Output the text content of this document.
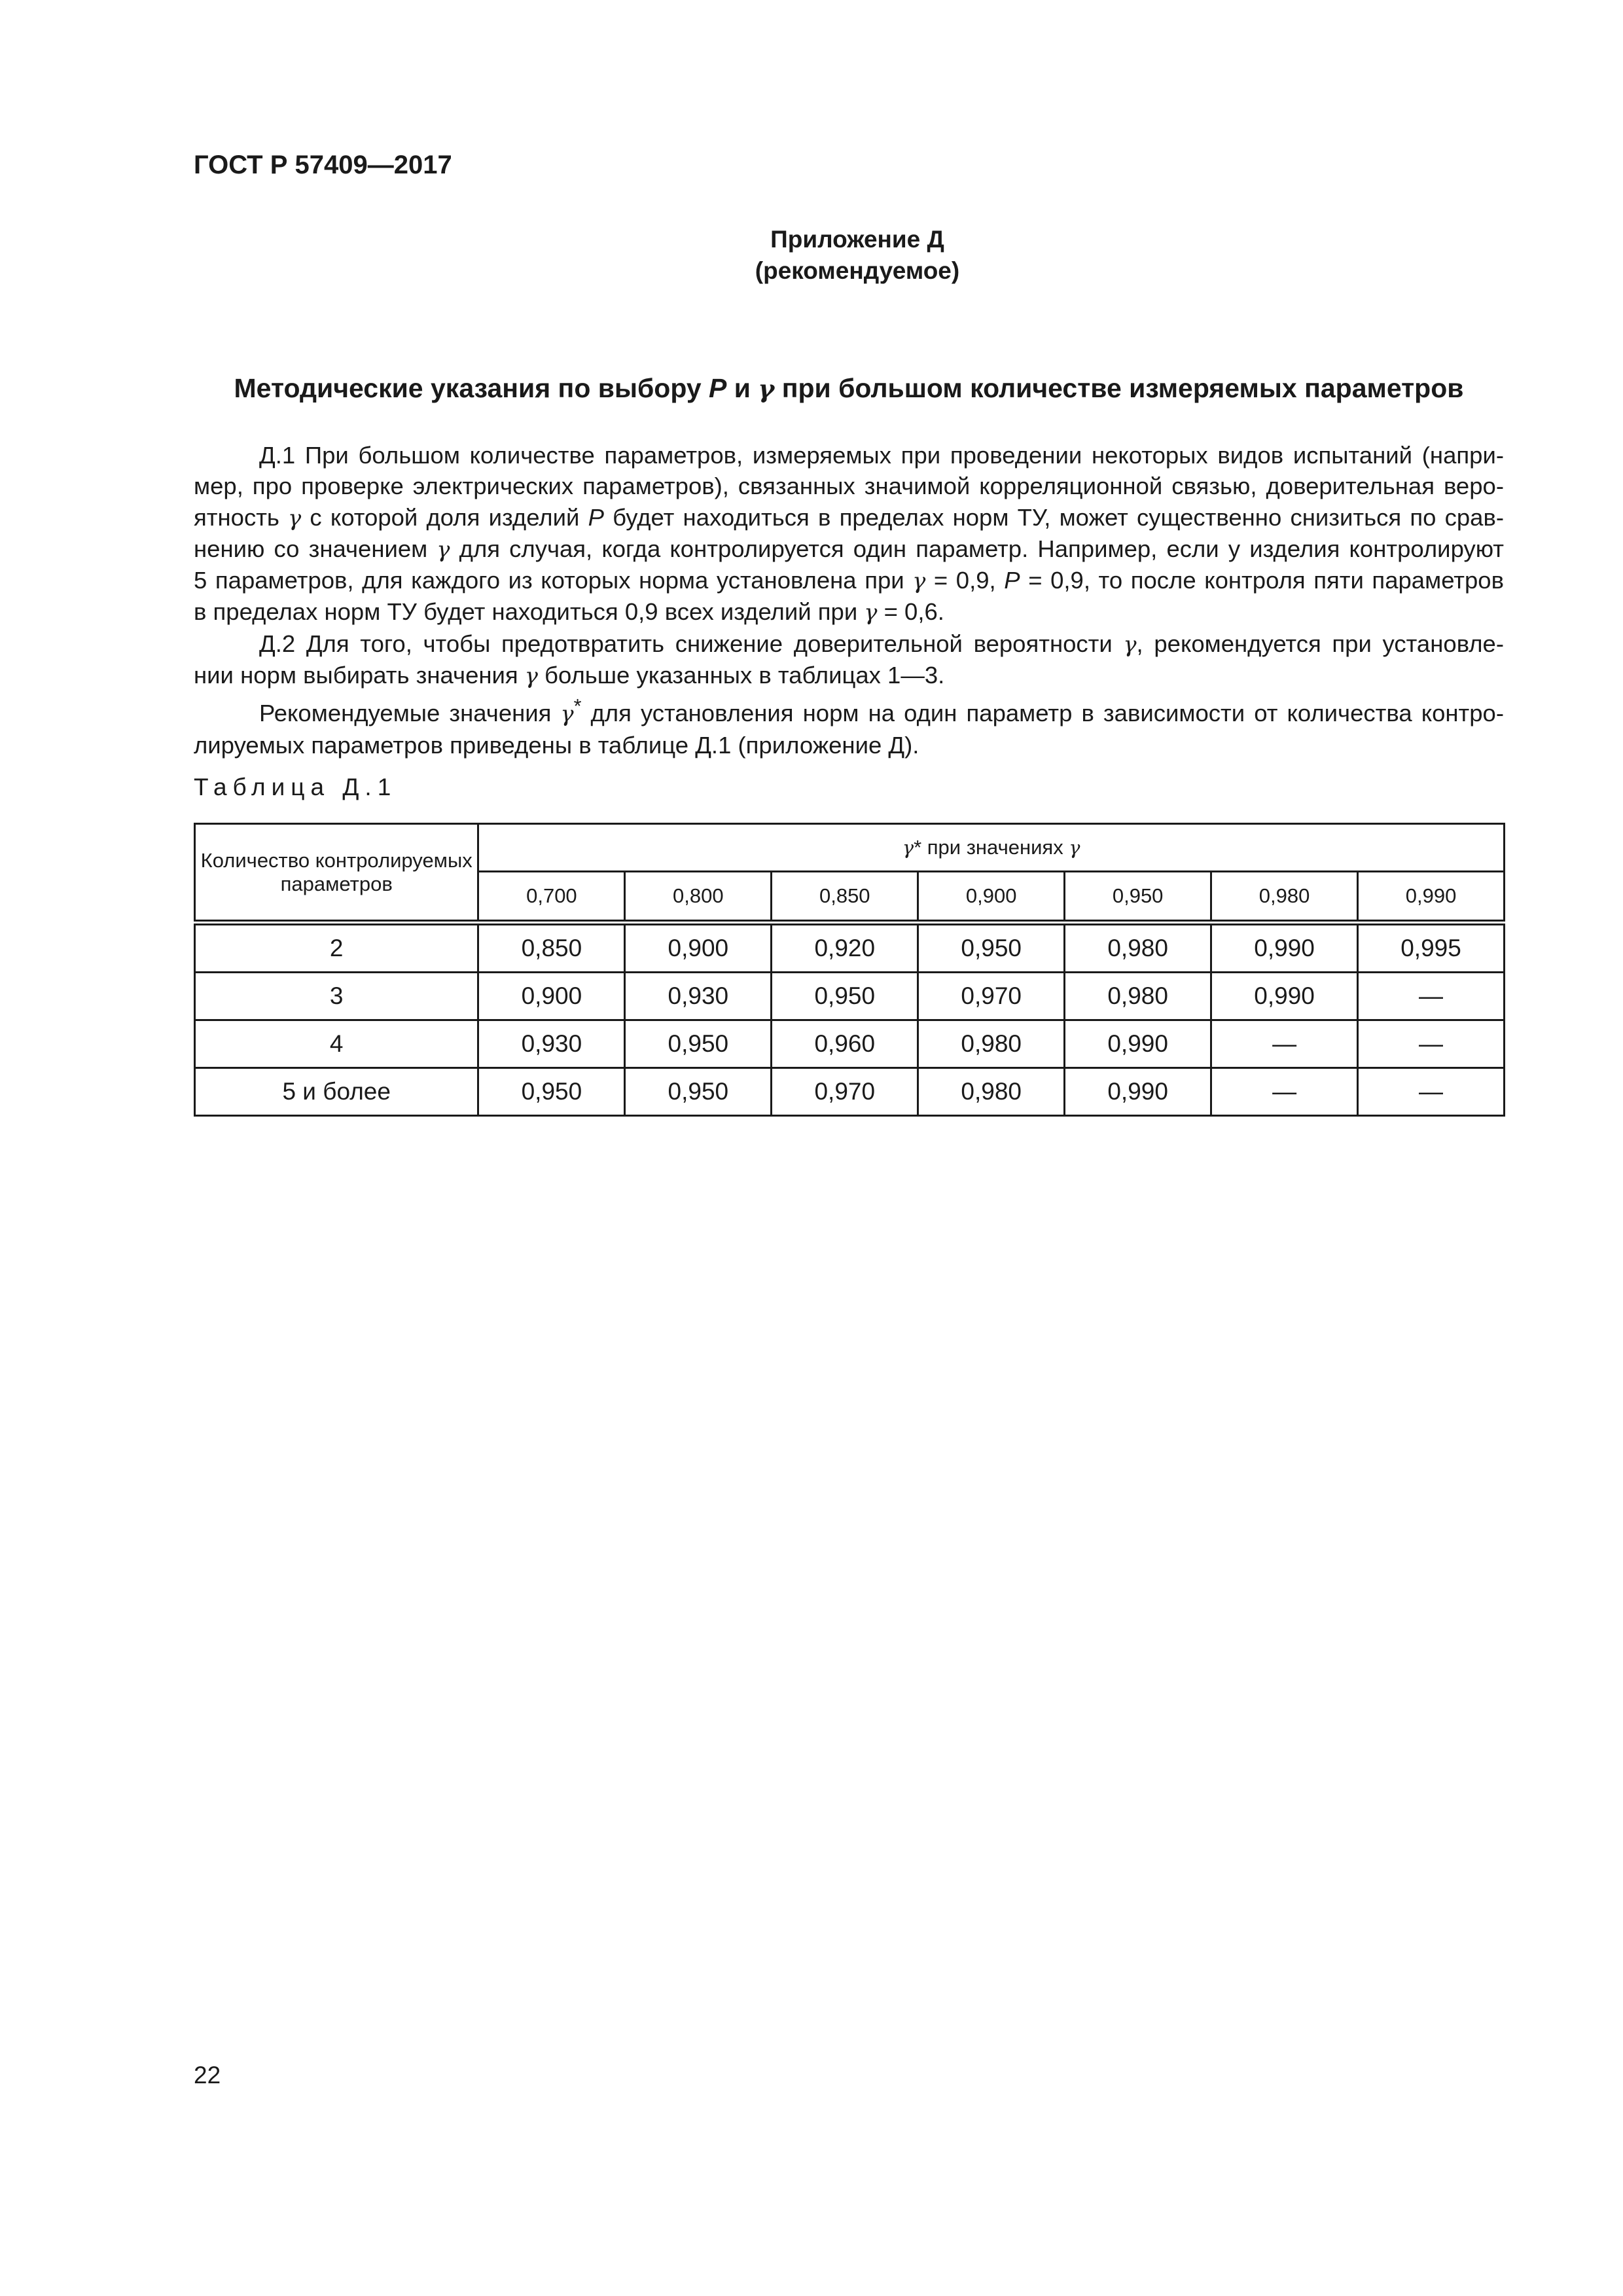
ГОСТ Р 57409—2017
Приложение Д
(рекомендуемое)
Методические указания по выбору P и γ при большом количестве измеряемых параметров
Д.1 При большом количестве параметров, измеряемых при проведении некоторых видов испытаний (напри-
мер, про проверке электрических параметров), связанных значимой корреляционной связью, доверительная веро-
ятность γ с которой доля изделий P будет находиться в пределах норм ТУ, может существенно снизиться по срав-
нению со значением γ для случая, когда контролируется один параметр. Например, если у изделия контролируют
5 параметров, для каждого из которых норма установлена при γ = 0,9, P = 0,9, то после контроля пяти параметров
в пределах норм ТУ будет находиться 0,9 всех изделий при γ = 0,6.
Д.2 Для того, чтобы предотвратить снижение доверительной вероятности γ, рекомендуется при установле-
нии норм выбирать значения γ больше указанных в таблицах 1—3.
Рекомендуемые значения γ* для установления норм на один параметр в зависимости от количества контро-
лируемых параметров приведены в таблице Д.1 (приложение Д).
Таблица Д.1
Количество контролируемых параметров	γ* при значениях γ						
	0,700	0,800	0,850	0,900	0,950	0,980	0,990
2	0,850	0,900	0,920	0,950	0,980	0,990	0,995
3	0,900	0,930	0,950	0,970	0,980	0,990	—
4	0,930	0,950	0,960	0,980	0,990	—	—
5 и более	0,950	0,950	0,970	0,980	0,990	—	—
22
